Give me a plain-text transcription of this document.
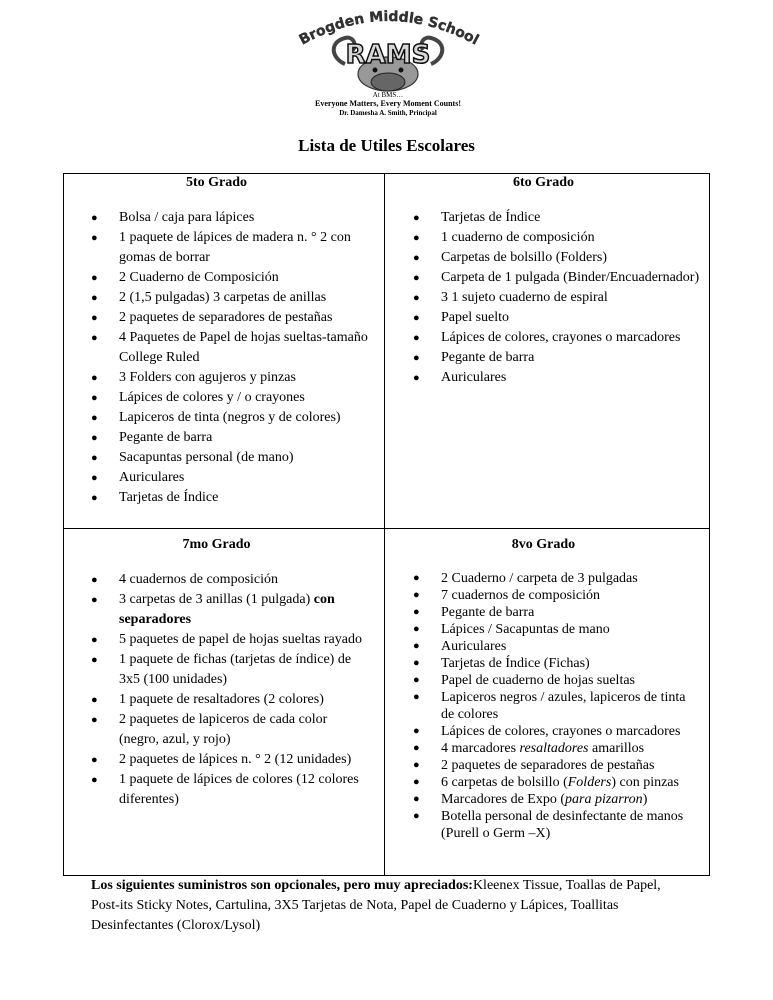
Brogden Middle School
RAMS
At BMS…
Everyone Matters, Every Moment Counts!
Dr. Damesha A. Smith, Principal
Lista de Utiles Escolares
5to Grado
● Bolsa / caja para lápices
● 1 paquete de lápices de madera n. ° 2 con gomas de borrar
● 2 Cuaderno de Composición
● 2 (1,5 pulgadas) 3 carpetas de anillas
● 2 paquetes de separadores de pestañas
● 4 Paquetes de Papel de hojas sueltas-tamaño College Ruled
● 3 Folders con agujeros y pinzas
● Lápices de colores y / o crayones
● Lapiceros de tinta (negros y de colores)
● Pegante de barra
● Sacapuntas personal (de mano)
● Auriculares
● Tarjetas de Índice
6to Grado
● Tarjetas de Índice
● 1 cuaderno de composición
● Carpetas de bolsillo (Folders)
● Carpeta de 1 pulgada (Binder/Encuadernador)
● 3 1 sujeto cuaderno de espiral
● Papel suelto
● Lápices de colores, crayones o marcadores
● Pegante de barra
● Auriculares
7mo Grado
● 4 cuadernos de composición
● 3 carpetas de 3 anillas (1 pulgada) con separadores
● 5 paquetes de papel de hojas sueltas rayado
● 1 paquete de fichas (tarjetas de índice) de 3x5 (100 unidades)
● 1 paquete de resaltadores (2 colores)
● 2 paquetes de lapiceros de cada color (negro, azul, y rojo)
● 2 paquetes de lápices n. ° 2 (12 unidades)
● 1 paquete de lápices de colores (12 colores diferentes)
8vo Grado
● 2 Cuaderno / carpeta de 3 pulgadas
● 7 cuadernos de composición
● Pegante de barra
● Lápices / Sacapuntas de mano
● Auriculares
● Tarjetas de Índice (Fichas)
● Papel de cuaderno de hojas sueltas
● Lapiceros negros / azules, lapiceros de tinta de colores
● Lápices de colores, crayones o marcadores
● 4 marcadores resaltadores amarillos
● 2 paquetes de separadores de pestañas
● 6 carpetas de bolsillo (Folders) con pinzas
● Marcadores de Expo (para pizarron)
● Botella personal de desinfectante de manos (Purell o Germ –X)
Los siguientes suministros son opcionales, pero muy apreciados:Kleenex Tissue, Toallas de Papel, Post-its Sticky Notes, Cartulina, 3X5 Tarjetas de Nota, Papel de Cuaderno y Lápices, Toallitas Desinfectantes (Clorox/Lysol)
